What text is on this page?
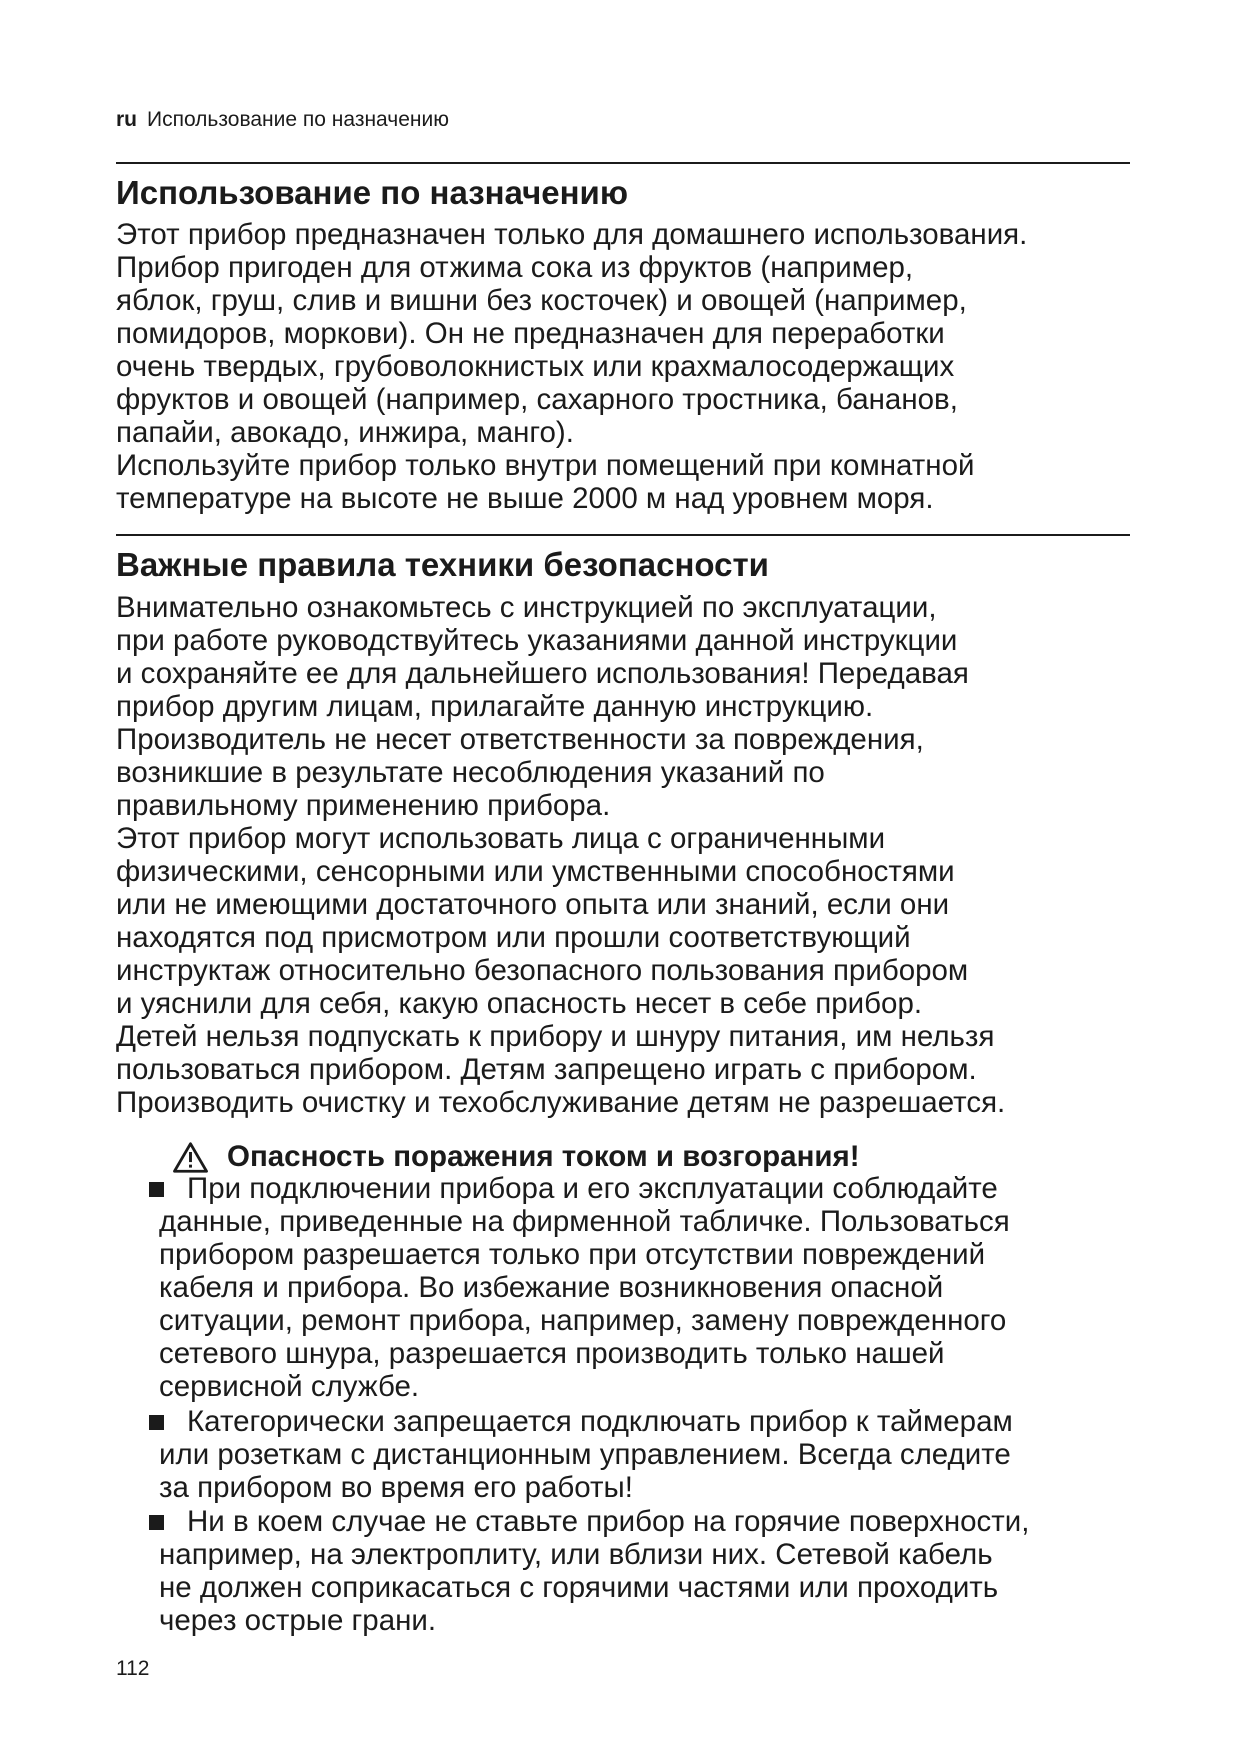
ru Использование по назначению
Использование по назначению

Этот прибор предназначен только для домашнего использования.
Прибор пригоден для отжима сока из фруктов (например,
яблок, груш, слив и вишни без косточек) и овощей (например,
помидоров, моркови). Он не предназначен для переработки
очень твердых, грубоволокнистых или крахмалосодержащих
фруктов и овощей (например, сахарного тростника, бананов,
папайи, авокадо, инжира, манго).
Используйте прибор только внутри помещений при комнатной
температуре на высоте не выше 2000 м над уровнем моря.

Важные правила техники безопасности

Внимательно ознакомьтесь с инструкцией по эксплуатации,
при работе руководствуйтесь указаниями данной инструкции
и сохраняйте ее для дальнейшего использования! Передавая
прибор другим лицам, прилагайте данную инструкцию.
Производитель не несет ответственности за повреждения,
возникшие в результате несоблюдения указаний по
правильному применению прибора.
Этот прибор могут использовать лица с ограниченными
физическими, сенсорными или умственными способностями
или не имеющими достаточного опыта или знаний, если они
находятся под присмотром или прошли соответствующий
инструктаж относительно безопасного пользования прибором
и уяснили для себя, какую опасность несет в себе прибор.
Детей нельзя подпускать к прибору и шнуру питания, им нельзя
пользоваться прибором. Детям запрещено играть с прибором.
Производить очистку и техобслуживание детям не разрешается.

Опасность поражения током и возгорания!
При подключении прибора и его эксплуатации соблюдайте
данные, приведенные на фирменной табличке. Пользоваться
прибором разрешается только при отсутствии повреждений
кабеля и прибора. Во избежание возникновения опасной
ситуации, ремонт прибора, например, замену поврежденного
сетевого шнура, разрешается производить только нашей
сервисной службе.
Категорически запрещается подключать прибор к таймерам
или розеткам с дистанционным управлением. Всегда следите
за прибором во время его работы!
Ни в коем случае не ставьте прибор на горячие поверхности,
например, на электроплиту, или вблизи них. Сетевой кабель
не должен соприкасаться с горячими частями или проходить
через острые грани.
112
